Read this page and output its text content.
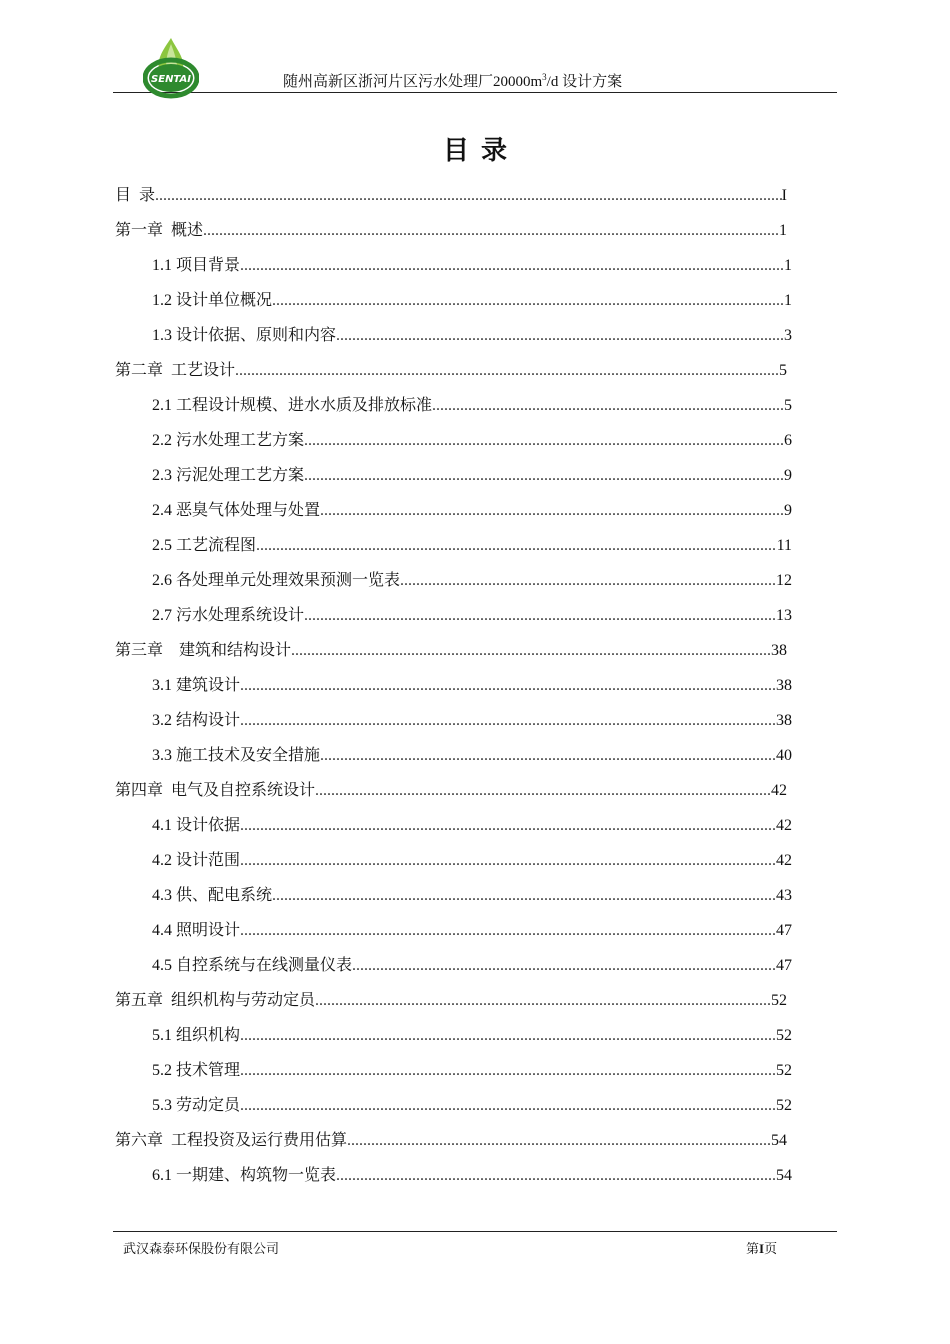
SENTAI	随州高新区浙河片区污水处理厂$20000m^3/d$ 设计方案
目录
目  录 .....	I
第一章  概述 .....	1
1.1 项目背景 .....	1
1.2 设计单位概况 .....	1
1.3 设计依据、原则和内容 .....	3
第二章  工艺设计 .....	5
2.1 工程设计规模、进水水质及排放标准 .....	5
2.2 污水处理工艺方案 .....	6
2.3 污泥处理工艺方案 .....	9
2.4 恶臭气体处理与处置 .....	9
2.5 工艺流程图 .....	11
2.6 各处理单元处理效果预测一览表 .....	12
2.7 污水处理系统设计 .....	13
第三章    建筑和结构设计 .....	38
3.1 建筑设计 .....	38
3.2 结构设计 .....	38
3.3 施工技术及安全措施 .....	40
第四章  电气及自控系统设计 .....	42
4.1 设计依据 .....	42
4.2 设计范围 .....	42
4.3 供、配电系统 .....	43
4.4 照明设计 .....	47
4.5 自控系统与在线测量仪表 .....	47
第五章  组织机构与劳动定员 .....	52
5.1 组织机构 .....	52
5.2 技术管理 .....	52
5.3 劳动定员 .....	52
第六章  工程投资及运行费用估算 .....	54
6.1 一期建、构筑物一览表 .....	54
武汉森泰环保股份有限公司	第I页
